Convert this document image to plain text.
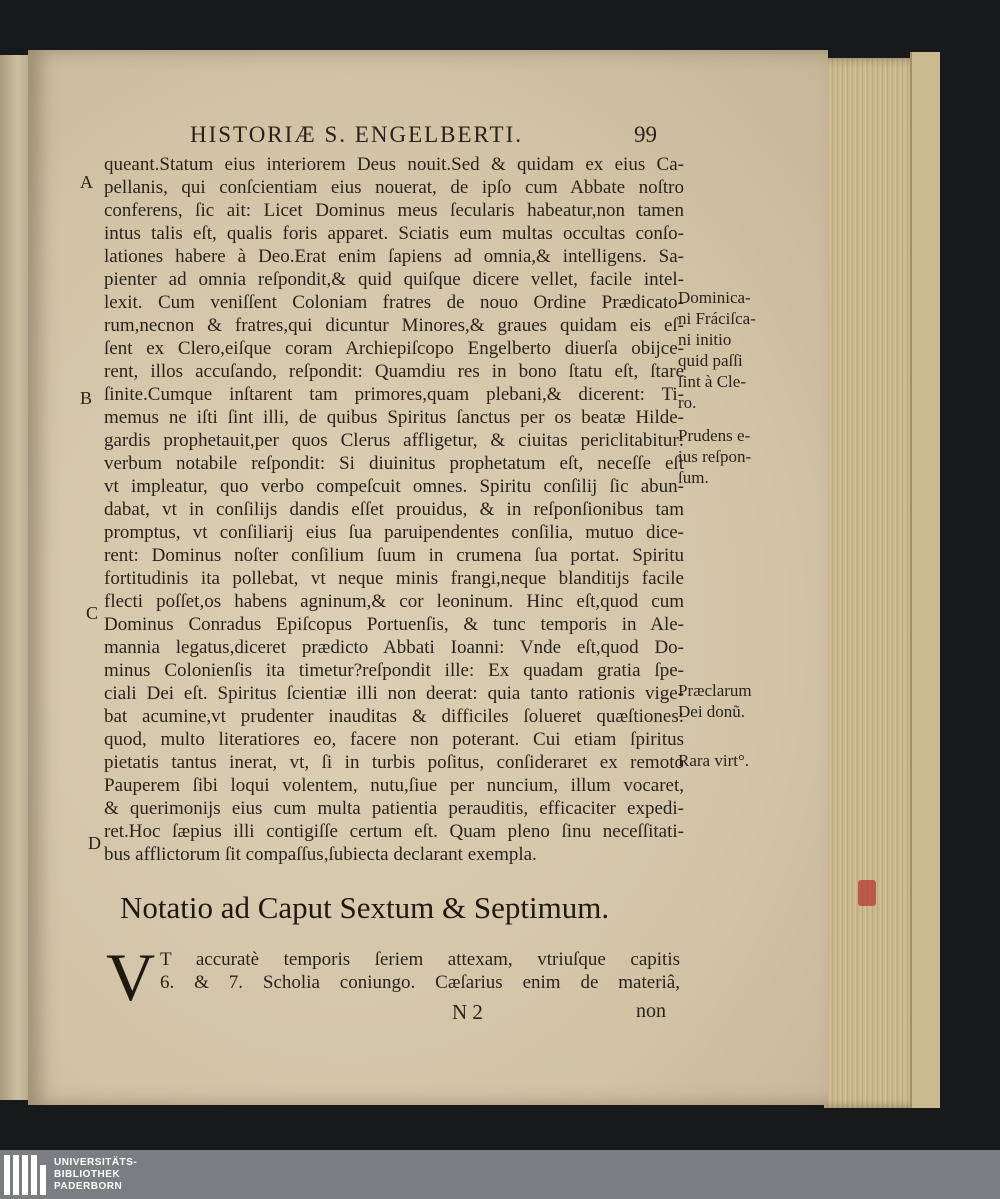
HISTORIÆ S. ENGELBERTI.	99
A
B
C
D
queant.Statum eius interiorem Deus nouit.Sed & quidam ex eius Ca-
pellanis, qui conſcientiam eius nouerat, de ipſo cum Abbate noſtro
conferens, ſic ait: Licet Dominus meus ſecularis habeatur,non tamen
intus talis eſt, qualis foris apparet. Sciatis eum multas occultas conſo-
lationes habere à Deo.Erat enim ſapiens ad omnia,& intelligens. Sa-
pienter ad omnia reſpondit,& quid quiſque dicere vellet, facile intel-
lexit. Cum veniſſent Coloniam fratres de nouo Ordine Prædicato-
rum,necnon & fratres,qui dicuntur Minores,& graues quidam eis eſ-
ſent ex Clero,eiſque coram Archiepiſcopo Engelberto diuerſa obijce-
rent, illos accuſando, reſpondit: Quamdiu res in bono ſtatu eſt, ſtare
ſinite.Cumque inſtarent tam primores,quam plebani,& dicerent: Ti-
memus ne iſti ſint illi, de quibus Spiritus ſanctus per os beatæ Hilde-
gardis prophetauit,per quos Clerus affligetur, & ciuitas periclitabitur:
verbum notabile reſpondit: Si diuinitus prophetatum eſt, neceſſe eſt
vt impleatur, quo verbo compeſcuit omnes. Spiritu conſilij ſic abun-
dabat, vt in conſilijs dandis eſſet prouidus, & in reſponſionibus tam
promptus, vt conſiliarij eius ſua paruipendentes conſilia, mutuo dice-
rent: Dominus noſter conſilium ſuum in crumena ſua portat. Spiritu
fortitudinis ita pollebat, vt neque minis frangi,neque blanditijs facile
flecti poſſet,os habens agninum,& cor leoninum. Hinc eſt,quod cum
Dominus Conradus Epiſcopus Portuenſis, & tunc temporis in Ale-
mannia legatus,diceret prædicto Abbati Ioanni: Vnde eſt,quod Do-
minus Colonienſis ita timetur?reſpondit ille: Ex quadam gratia ſpe-
ciali Dei eſt. Spiritus ſcientiæ illi non deerat: quia tanto rationis vige-
bat acumine,vt prudenter inauditas & difficiles ſolueret quæſtiones:
quod, multo literatiores eo, facere non poterant. Cui etiam ſpiritus
pietatis tantus inerat, vt, ſi in turbis poſitus, conſideraret ex remoto
Pauperem ſibi loqui volentem, nutu,ſiue per nuncium, illum vocaret,
& querimonijs eius cum multa patientia perauditis, efficaciter expedi-
ret.Hoc ſæpius illi contigiſſe certum eſt. Quam pleno ſinu neceſſitati-
bus afflictorum ſit compaſſus,ſubiecta declarant exempla.
Dominica-
ni Fráciſca-
ni initio
quid paſſi
ſint à Cle-
ro.
Prudens e-
ius reſpon-
ſum.
Præclarum
Dei donũ.
Rara virt°.
Notatio ad Caput Sextum & Septimum.
V T accuratè temporis ſeriem attexam, vtriuſque capitis
6. & 7. Scholia coniungo. Cæſarius enim de materiâ,
N 2	non
UNIVERSITÄTS-
BIBLIOTHEK
PADERBORN
